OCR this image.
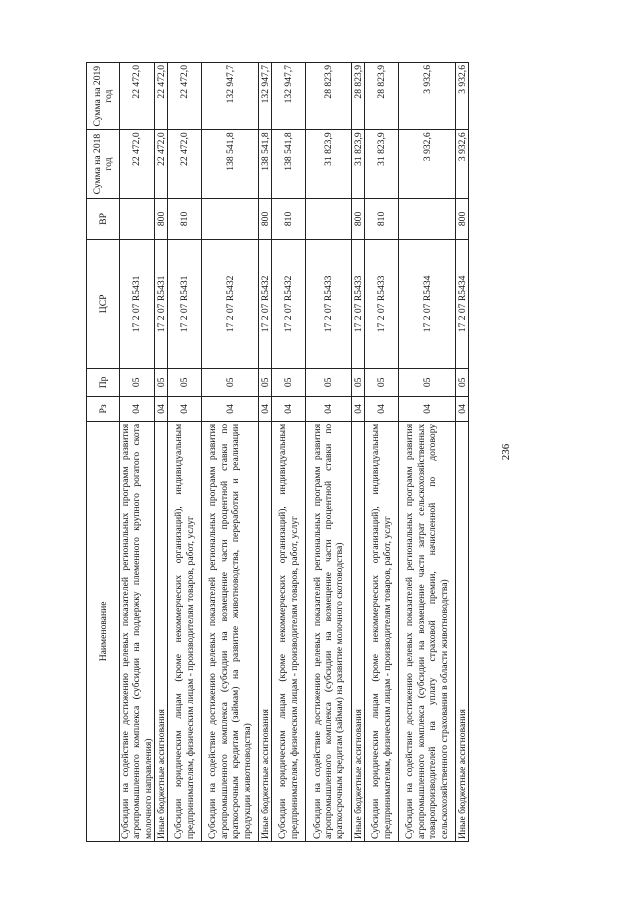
236
Наименование	Рз	Пр	ЦСР	ВР	Сумма на 2018 год	Сумма на 2019 год
Субсидии на содействие достижению целевых показателей региональных программ развития агропромышленного комплекса (субсидии на поддержку племенного крупного рогатого скота молочного направления)	04	05	17 2 07 R5431		22 472,0	22 472,0
Иные бюджетные ассигнования	04	05	17 2 07 R5431	800	22 472,0	22 472,0
Субсидии юридическим лицам (кроме некоммерческих организаций), индивидуальным предпринимателям, физическим лицам - производителям товаров, работ, услуг	04	05	17 2 07 R5431	810	22 472,0	22 472,0
Субсидии на содействие достижению целевых показателей региональных программ развития агропромышленного комплекса (субсидии на возмещение части процентной ставки по краткосрочным кредитам (займам) на развитие животноводства, переработки и реализации продукции животноводства)	04	05	17 2 07 R5432		138 541,8	132 947,7
Иные бюджетные ассигнования	04	05	17 2 07 R5432	800	138 541,8	132 947,7
Субсидии юридическим лицам (кроме некоммерческих организаций), индивидуальным предпринимателям, физическим лицам - производителям товаров, работ, услуг	04	05	17 2 07 R5432	810	138 541,8	132 947,7
Субсидии на содействие достижению целевых показателей региональных программ развития агропромышленного комплекса (субсидии на возмещение части процентной ставки по краткосрочным кредитам (займам) на развитие молочного скотоводства)	04	05	17 2 07 R5433		31 823,9	28 823,9
Иные бюджетные ассигнования	04	05	17 2 07 R5433	800	31 823,9	28 823,9
Субсидии юридическим лицам (кроме некоммерческих организаций), индивидуальным предпринимателям, физическим лицам - производителям товаров, работ, услуг	04	05	17 2 07 R5433	810	31 823,9	28 823,9
Субсидии на содействие достижению целевых показателей региональных программ развития агропромышленного комплекса (субсидии на возмещение части затрат сельскохозяйственных товаропроизводителей на уплату страховой премии, начисленной по договору сельскохозяйственного страхования в области животноводства)	04	05	17 2 07 R5434		3 932,6	3 932,6
Иные бюджетные ассигнования	04	05	17 2 07 R5434	800	3 932,6	3 932,6
